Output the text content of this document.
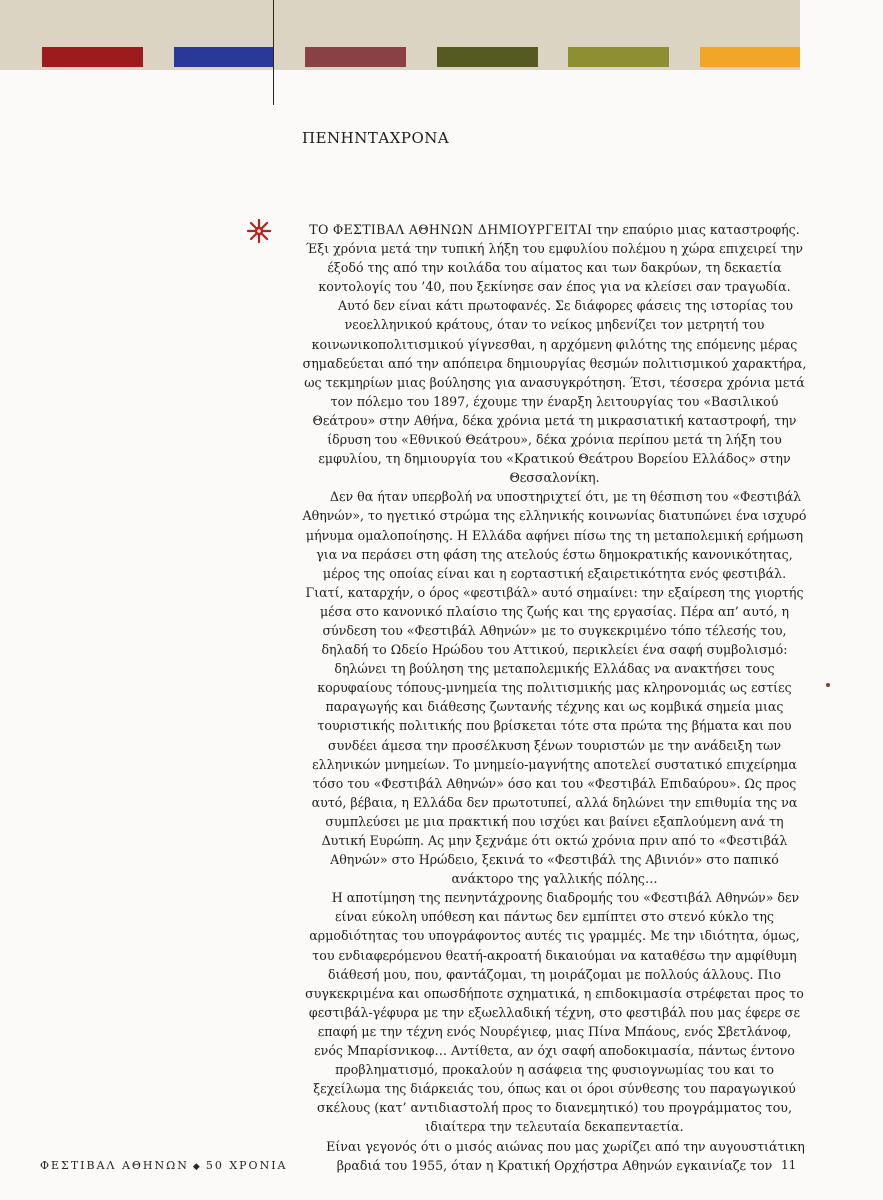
ΠΕΝΗΝΤΑΧΡΟΝΑ

ΤΟ ΦΕΣΤΙΒΑΛ ΑΘΗΝΩΝ ΔΗΜΙΟΥΡΓΕΙΤΑΙ την επαύριο μιας καταστροφής. Έξι χρόνια μετά την τυπική λήξη του εμφυλίου πολέμου η χώρα επιχειρεί την έξοδό της από την κοιλάδα του αίματος και των δακρύων, τη δεκαετία κοντολογίς του ’40, που ξεκίνησε σαν έπος για να κλείσει σαν τραγωδία.

Αυτό δεν είναι κάτι πρωτοφανές. Σε διάφορες φάσεις της ιστορίας του νεοελληνικού κράτους, όταν το νείκος μηδενίζει τον μετρητή του κοινωνικοπολιτισμικού γίγνεσθαι, η αρχόμενη φιλότης της επόμενης μέρας σημαδεύεται από την απόπειρα δημιουργίας θεσμών πολιτισμικού χαρακτήρα, ως τεκμηρίων μιας βούλησης για ανασυγκρότηση. Έτσι, τέσσερα χρόνια μετά τον πόλεμο του 1897, έχουμε την έναρξη λειτουργίας του «Βασιλικού Θεάτρου» στην Αθήνα, δέκα χρόνια μετά τη μικρασιατική καταστροφή, την ίδρυση του «Εθνικού Θεάτρου», δέκα χρόνια περίπου μετά τη λήξη του εμφυλίου, τη δημιουργία του «Κρατικού Θεάτρου Βορείου Ελλάδος» στην Θεσσαλονίκη.

Δεν θα ήταν υπερβολή να υποστηριχτεί ότι, με τη θέσπιση του «Φεστιβάλ Αθηνών», το ηγετικό στρώμα της ελληνικής κοινωνίας διατυπώνει ένα ισχυρό μήνυμα ομαλοποίησης. Η Ελλάδα αφήνει πίσω της τη μεταπολεμική ερήμωση για να περάσει στη φάση της ατελούς έστω δημοκρατικής κανονικότητας, μέρος της οποίας είναι και η εορταστική εξαιρετικότητα ενός φεστιβάλ. Γιατί, καταρχήν, ο όρος «φεστιβάλ» αυτό σημαίνει: την εξαίρεση της γιορτής μέσα στο κανονικό πλαίσιο της ζωής και της εργασίας. Πέρα απ’ αυτό, η σύνδεση του «Φεστιβάλ Αθηνών» με το συγκεκριμένο τόπο τέλεσής του, δηλαδή το Ωδείο Ηρώδου του Αττικού, περικλείει ένα σαφή συμβολισμό: δηλώνει τη βούληση της μεταπολεμικής Ελλάδας να ανακτήσει τους κορυφαίους τόπους-μνημεία της πολιτισμικής μας κληρονομιάς ως εστίες παραγωγής και διάθεσης ζωντανής τέχνης και ως κομβικά σημεία μιας τουριστικής πολιτικής που βρίσκεται τότε στα πρώτα της βήματα και που συνδέει άμεσα την προσέλκυση ξένων τουριστών με την ανάδειξη των ελληνικών μνημείων. Το μνημείο-μαγνήτης αποτελεί συστατικό επιχείρημα τόσο του «Φεστιβάλ Αθηνών» όσο και του «Φεστιβάλ Επιδαύρου». Ως προς αυτό, βέβαια, η Ελλάδα δεν πρωτοτυπεί, αλλά δηλώνει την επιθυμία της να συμπλεύσει με μια πρακτική που ισχύει και βαίνει εξαπλούμενη ανά τη Δυτική Ευρώπη. Ας μην ξεχνάμε ότι οκτώ χρόνια πριν από το «Φεστιβάλ Αθηνών» στο Ηρώδειο, ξεκινά το «Φεστιβάλ της Αβινιόν» στο παπικό ανάκτορο της γαλλικής πόλης…

Η αποτίμηση της πενηντάχρονης διαδρομής του «Φεστιβάλ Αθηνών» δεν είναι εύκολη υπόθεση και πάντως δεν εμπίπτει στο στενό κύκλο της αρμοδιότητας του υπογράφοντος αυτές τις γραμμές. Με την ιδιότητα, όμως, του ενδιαφερόμενου θεατή-ακροατή δικαιούμαι να καταθέσω την αμφίθυμη διάθεσή μου, που, φαντάζομαι, τη μοιράζομαι με πολλούς άλλους. Πιο συγκεκριμένα και οπωσδήποτε σχηματικά, η επιδοκιμασία στρέφεται προς το φεστιβάλ-γέφυρα με την εξωελλαδική τέχνη, στο φεστιβάλ που μας έφερε σε επαφή με την τέχνη ενός Νουρέγιεφ, μιας Πίνα Μπάους, ενός Σβετλάνοφ, ενός Μπαρίσνικοφ… Αντίθετα, αν όχι σαφή αποδοκιμασία, πάντως έντονο προβληματισμό, προκαλούν η ασάφεια της φυσιογνωμίας του και το ξεχείλωμα της διάρκειάς του, όπως και οι όροι σύνθεσης του παραγωγικού σκέλους (κατ’ αντιδιαστολή προς το διανεμητικό) του προγράμματος του, ιδιαίτερα την τελευταία δεκαπενταετία.

Είναι γεγονός ότι ο μισός αιώνας που μας χωρίζει από την αυγουστιάτικη βραδιά του 1955, όταν η Κρατική Ορχήστρα Αθηνών εγκαινίαζε τον

ΦΕΣΤΙΒΑΛ ΑΘΗΝΩΝ ◆ 50 ΧΡΟΝΙΑ	11
